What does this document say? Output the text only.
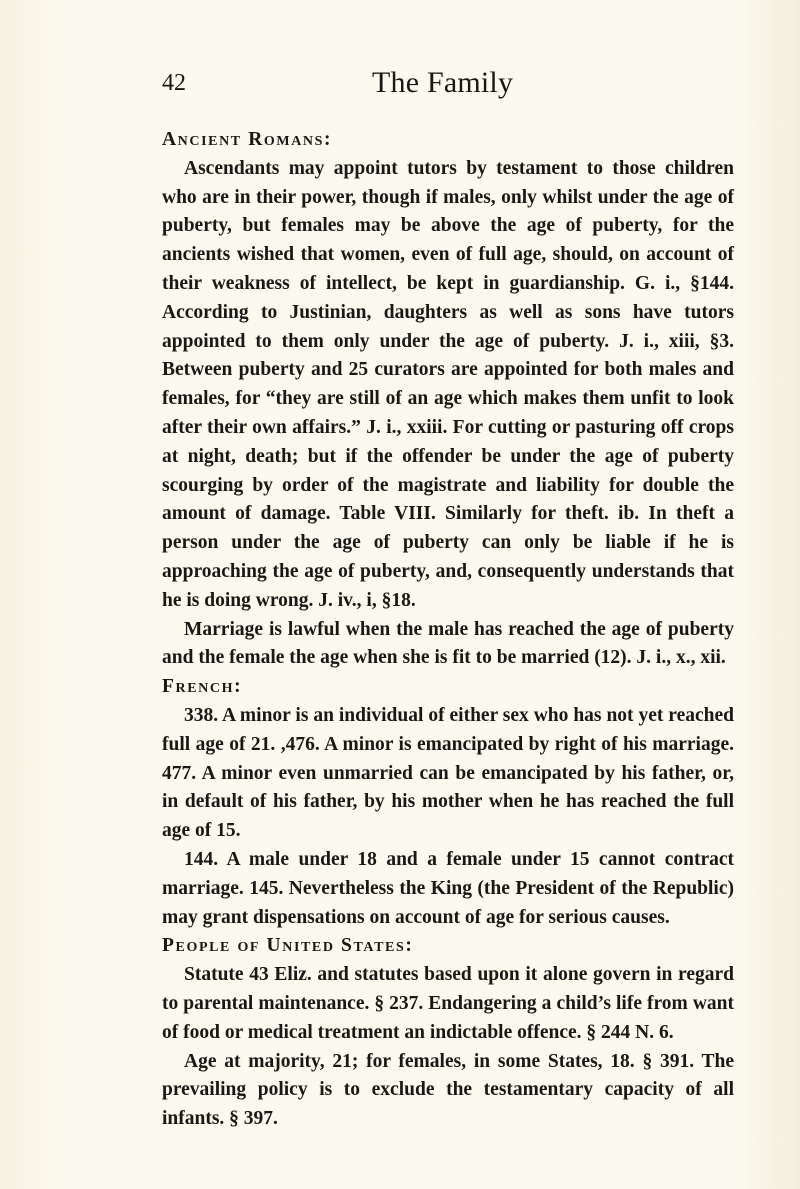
42	The Family
Ancient Romans:

Ascendants may appoint tutors by testament to those children who are in their power, though if males, only whilst under the age of puberty, but females may be above the age of puberty, for the ancients wished that women, even of full age, should, on account of their weakness of intellect, be kept in guardianship. G. i., §144. According to Justinian, daughters as well as sons have tutors appointed to them only under the age of puberty. J. i., xiii, §3. Between puberty and 25 curators are appointed for both males and females, for “they are still of an age which makes them unfit to look after their own affairs.” J. i., xxiii. For cutting or pasturing off crops at night, death; but if the offender be under the age of puberty scourging by order of the magistrate and liability for double the amount of damage. Table VIII. Similarly for theft. ib. In theft a person under the age of puberty can only be liable if he is approaching the age of puberty, and, consequently understands that he is doing wrong. J. iv., i, §18.

Marriage is lawful when the male has reached the age of puberty and the female the age when she is fit to be married (12). J. i., x., xii.

French:

338. A minor is an individual of either sex who has not yet reached full age of 21. ,476. A minor is emancipated by right of his marriage. 477. A minor even unmarried can be emancipated by his father, or, in default of his father, by his mother when he has reached the full age of 15.

144. A male under 18 and a female under 15 cannot contract marriage. 145. Nevertheless the King (the President of the Republic) may grant dispensations on account of age for serious causes.

People of United States:

Statute 43 Eliz. and statutes based upon it alone govern in regard to parental maintenance. § 237. Endangering a child’s life from want of food or medical treatment an indictable offence. § 244 N. 6.

Age at majority, 21; for females, in some States, 18. § 391. The prevailing policy is to exclude the testamentary capacity of all infants. § 397.
